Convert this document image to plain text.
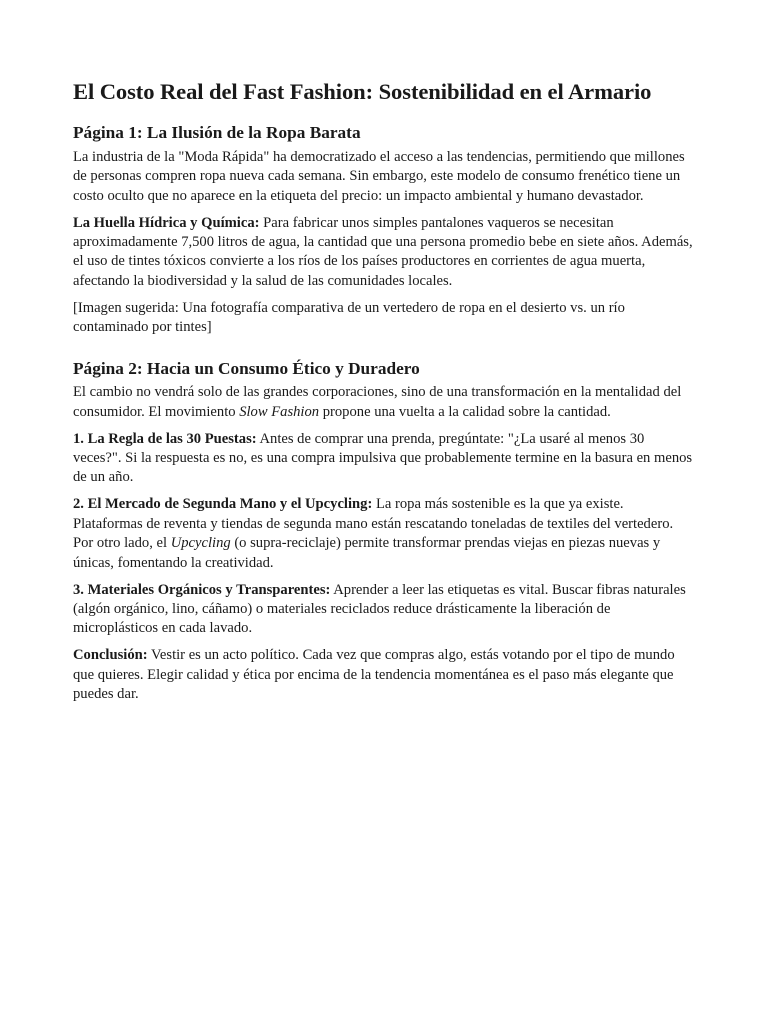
El Costo Real del Fast Fashion: Sostenibilidad en el Armario
Página 1: La Ilusión de la Ropa Barata

La industria de la "Moda Rápida" ha democratizado el acceso a las tendencias, permitiendo que millones de personas compren ropa nueva cada semana. Sin embargo, este modelo de consumo frenético tiene un costo oculto que no aparece en la etiqueta del precio: un impacto ambiental y humano devastador.

La Huella Hídrica y Química: Para fabricar unos simples pantalones vaqueros se necesitan aproximadamente 7,500 litros de agua, la cantidad que una persona promedio bebe en siete años. Además, el uso de tintes tóxicos convierte a los ríos de los países productores en corrientes de agua muerta, afectando la biodiversidad y la salud de las comunidades locales.

[Imagen sugerida: Una fotografía comparativa de un vertedero de ropa en el desierto vs. un río contaminado por tintes]

Página 2: Hacia un Consumo Ético y Duradero

El cambio no vendrá solo de las grandes corporaciones, sino de una transformación en la mentalidad del consumidor. El movimiento Slow Fashion propone una vuelta a la calidad sobre la cantidad.

1. La Regla de las 30 Puestas: Antes de comprar una prenda, pregúntate: "¿La usaré al menos 30 veces?". Si la respuesta es no, es una compra impulsiva que probablemente termine en la basura en menos de un año.

2. El Mercado de Segunda Mano y el Upcycling: La ropa más sostenible es la que ya existe. Plataformas de reventa y tiendas de segunda mano están rescatando toneladas de textiles del vertedero. Por otro lado, el Upcycling (o supra-reciclaje) permite transformar prendas viejas en piezas nuevas y únicas, fomentando la creatividad.

3. Materiales Orgánicos y Transparentes: Aprender a leer las etiquetas es vital. Buscar fibras naturales (algón orgánico, lino, cáñamo) o materiales reciclados reduce drásticamente la liberación de microplásticos en cada lavado.

Conclusión: Vestir es un acto político. Cada vez que compras algo, estás votando por el tipo de mundo que quieres. Elegir calidad y ética por encima de la tendencia momentánea es el paso más elegante que puedes dar.
